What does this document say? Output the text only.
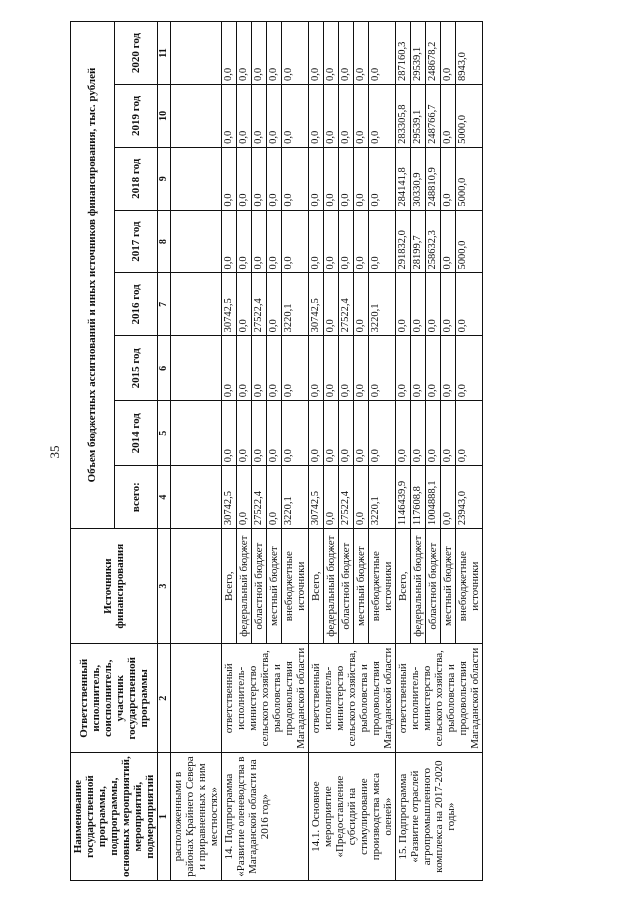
35
Наименование государственной программы, подпрограммы, основных мероприятий, мероприятий, подмероприятий	Ответственный исполнитель, соисполнитель, участник государственной программы	Источники финансирования	Объем бюджетных ассигнований и иных источников финансирования, тыс. рублей							
			всего:	2014 год	2015 год	2016 год	2017 год	2018 год	2019 год	2020 год
1	2	3	4	5	6	7	8	9	10	11
расположенными в районах Крайнего Севера и приравненных к ним местностях»										
14. Подпрограмма «Развитие оленеводства в Магаданской области на 2016 год»	ответственный исполнитель-министерство сельского хозяйства, рыболовства и продовольствия Магаданской области	Всего,	30742,5	0,0	0,0	30742,5	0,0	0,0	0,0	0,0
		федеральный бюджет	0,0	0,0	0,0	0,0	0,0	0,0	0,0	0,0
		областной бюджет	27522,4	0,0	0,0	27522,4	0,0	0,0	0,0	0,0
		местный бюджет	0,0	0,0	0,0	0,0	0,0	0,0	0,0	0,0
		внебюджетные источники	3220,1	0,0	0,0	3220,1	0,0	0,0	0,0	0,0
14.1. Основное мероприятие «Предоставление субсидий на стимулирование производства мяса оленей»	ответственный исполнитель-министерство сельского хозяйства, рыболовства и продовольствия Магаданской области	Всего,	30742,5	0,0	0,0	30742,5	0,0	0,0	0,0	0,0
		федеральный бюджет	0,0	0,0	0,0	0,0	0,0	0,0	0,0	0,0
		областной бюджет	27522,4	0,0	0,0	27522,4	0,0	0,0	0,0	0,0
		местный бюджет	0,0	0,0	0,0	0,0	0,0	0,0	0,0	0,0
		внебюджетные источники	3220,1	0,0	0,0	3220,1	0,0	0,0	0,0	0,0
15. Подпрограмма «Развитие отраслей агропромышленного комплекса на 2017-2020 годы»	ответственный исполнитель-министерство сельского хозяйства, рыболовства и продовольствия Магаданской области	Всего,	1146439,9	0,0	0,0	0,0	291832,0	284141,8	283305,8	287160,3
		федеральный бюджет	117608,8	0,0	0,0	0,0	28199,7	30330,9	29539,1	29539,1
		областной бюджет	1004888,1	0,0	0,0	0,0	258632,3	248810,9	248766,7	248678,2
		местный бюджет	0,0	0,0	0,0	0,0	0,0	0,0	0,0	0,0
		внебюджетные источники	23943,0	0,0	0,0	0,0	5000,0	5000,0	5000,0	8943,0
